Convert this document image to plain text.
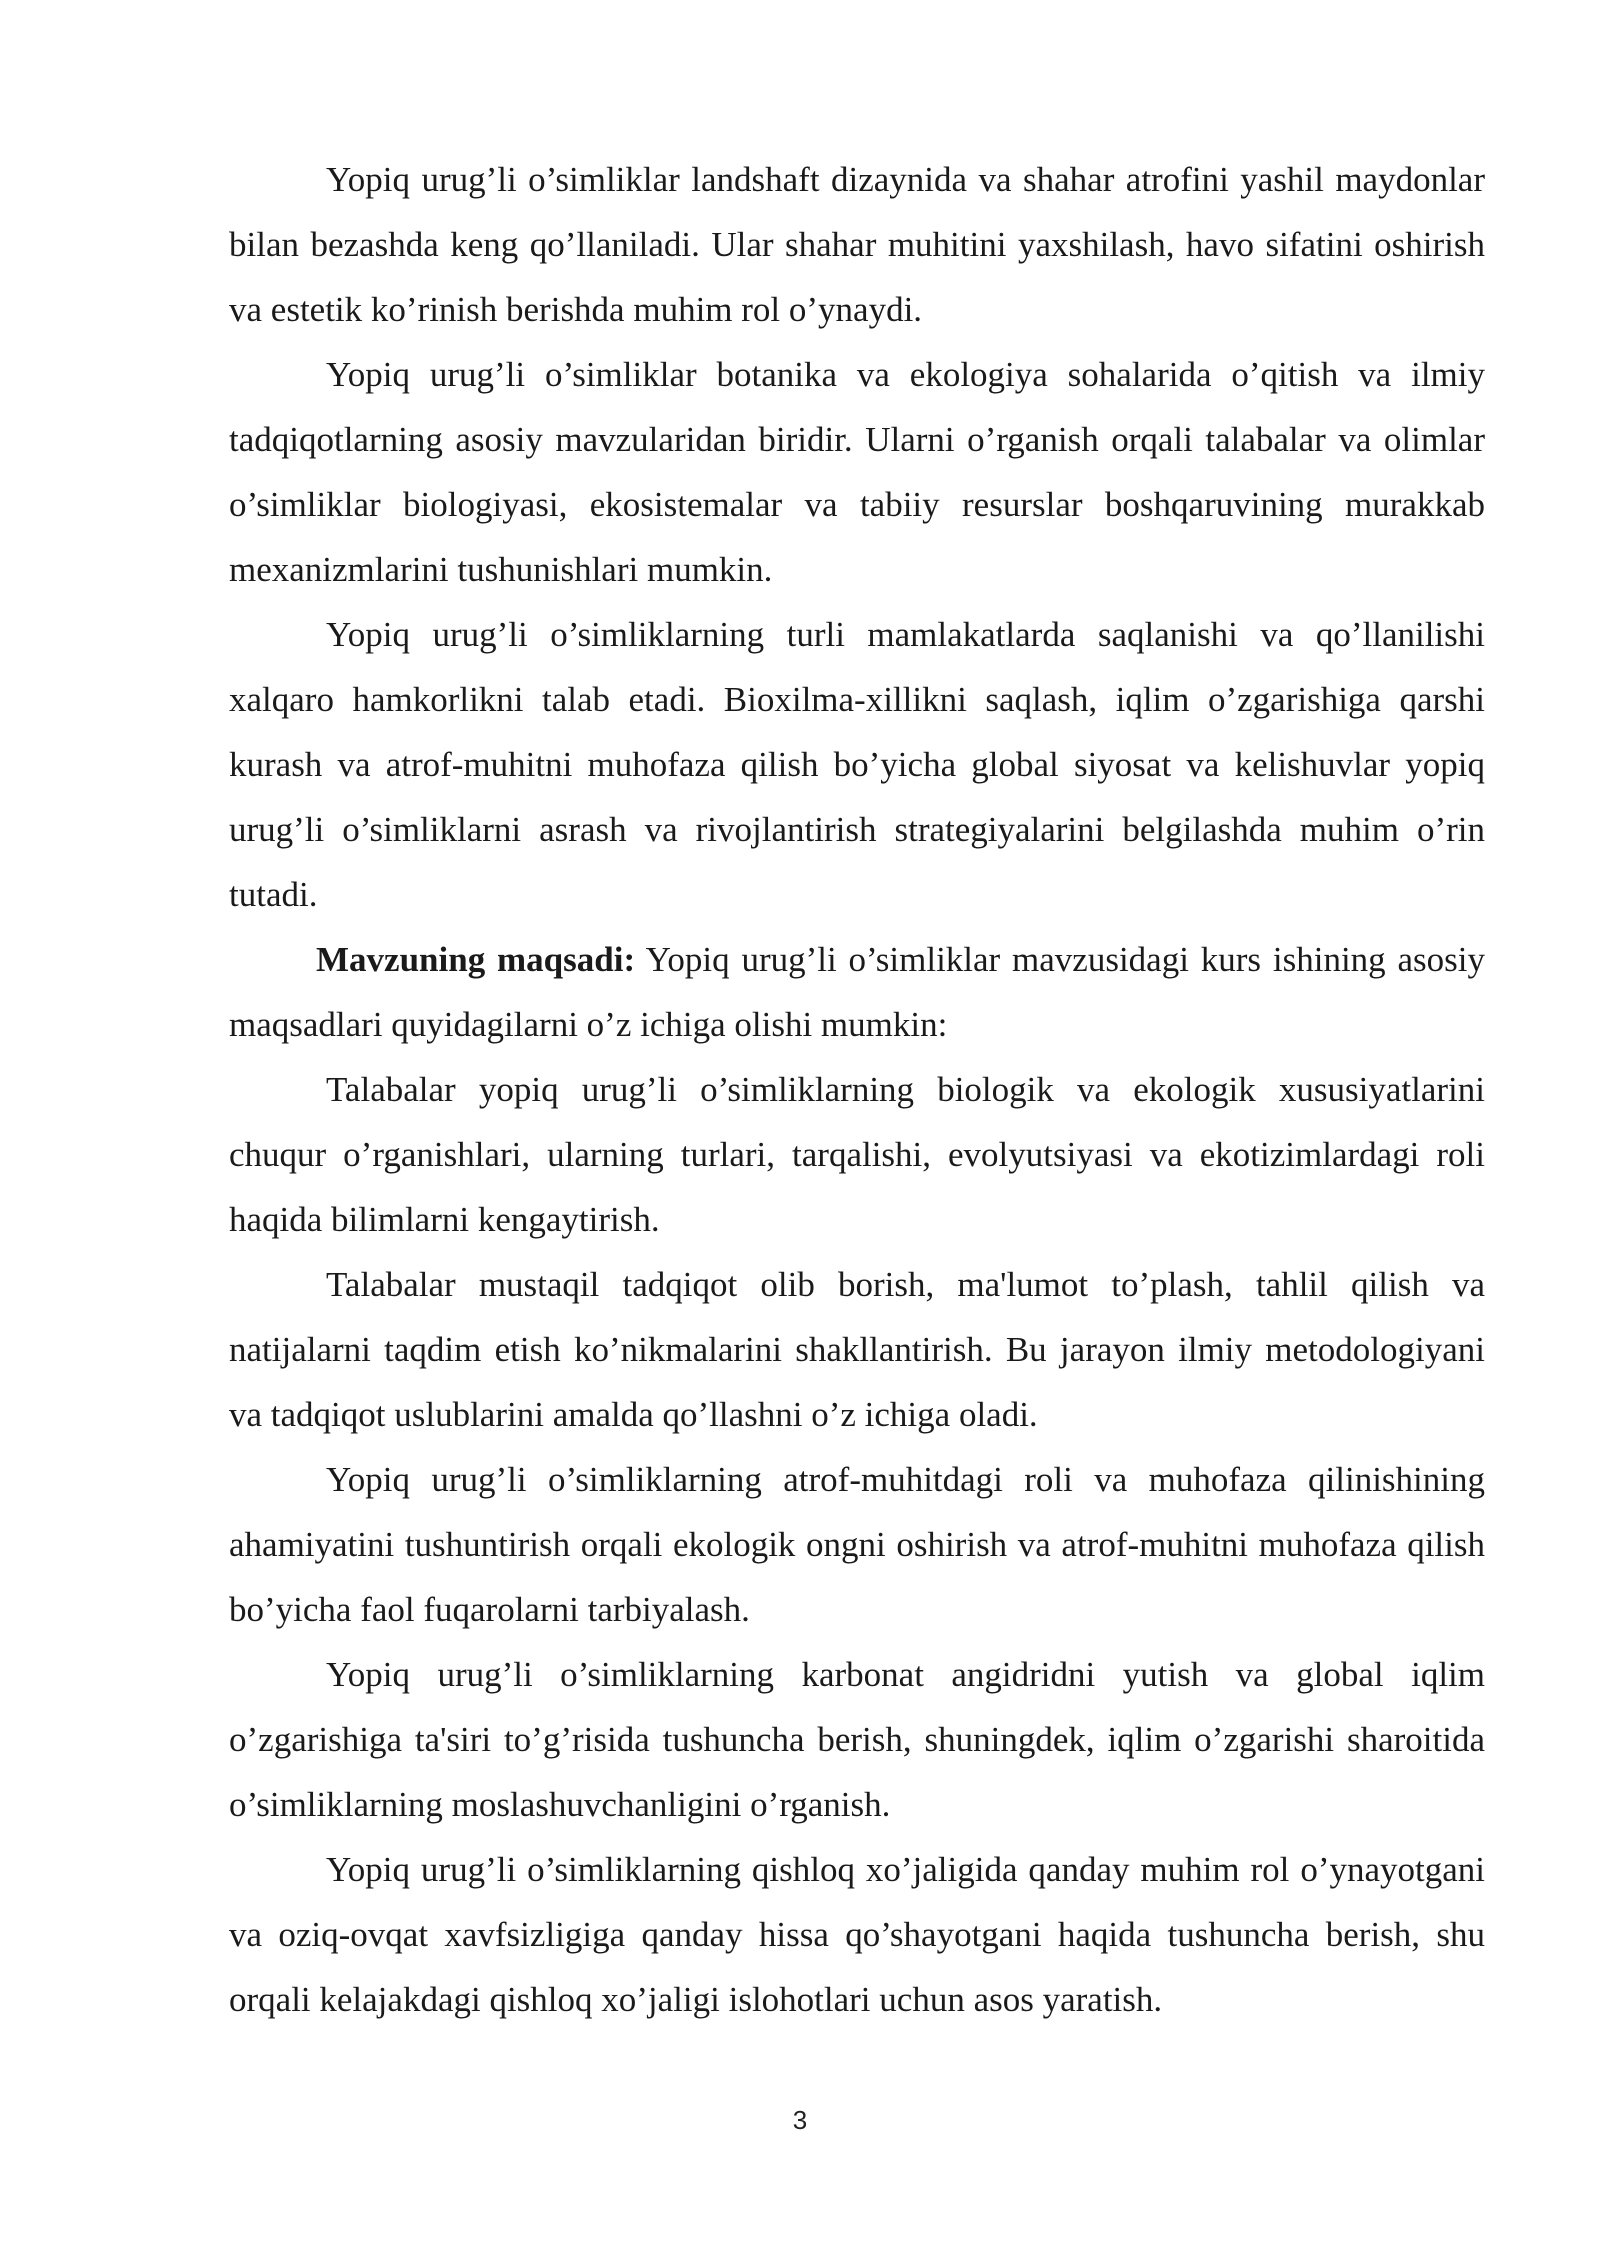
Yopiq urug’li o’simliklar landshaft dizaynida va shahar atrofini yashil maydonlar bilan bezashda keng qo’llaniladi. Ular shahar muhitini yaxshilash, havo sifatini oshirish va estetik ko’rinish berishda muhim rol o’ynaydi.

Yopiq urug’li o’simliklar botanika va ekologiya sohalarida o’qitish va ilmiy tadqiqotlarning asosiy mavzularidan biridir. Ularni o’rganish orqali talabalar va olimlar o’simliklar biologiyasi, ekosistemalar va tabiiy resurslar boshqaruvining murakkab mexanizmlarini tushunishlari mumkin.

Yopiq urug’li o’simliklarning turli mamlakatlarda saqlanishi va qo’llanilishi xalqaro hamkorlikni talab etadi. Bioxilma-xillikni saqlash, iqlim o’zgarishiga qarshi kurash va atrof-muhitni muhofaza qilish bo’yicha global siyosat va kelishuvlar yopiq urug’li o’simliklarni asrash va rivojlantirish strategiyalarini belgilashda muhim o’rin tutadi.

Mavzuning maqsadi: Yopiq urug’li o’simliklar mavzusidagi kurs ishining asosiy maqsadlari quyidagilarni o’z ichiga olishi mumkin:

Talabalar yopiq urug’li o’simliklarning biologik va ekologik xususiyatlarini chuqur o’rganishlari, ularning turlari, tarqalishi, evolyutsiyasi va ekotizimlardagi roli haqida bilimlarni kengaytirish.

Talabalar mustaqil tadqiqot olib borish, ma'lumot to’plash, tahlil qilish va natijalarni taqdim etish ko’nikmalarini shakllantirish. Bu jarayon ilmiy metodologiyani va tadqiqot uslublarini amalda qo’llashni o’z ichiga oladi.

Yopiq urug’li o’simliklarning atrof-muhitdagi roli va muhofaza qilinishining ahamiyatini tushuntirish orqali ekologik ongni oshirish va atrof-muhitni muhofaza qilish bo’yicha faol fuqarolarni tarbiyalash.

Yopiq urug’li o’simliklarning karbonat angidridni yutish va global iqlim o’zgarishiga ta'siri to’g’risida tushuncha berish, shuningdek, iqlim o’zgarishi sharoitida o’simliklarning moslashuvchanligini o’rganish.

Yopiq urug’li o’simliklarning qishloq xo’jaligida qanday muhim rol o’ynayotgani va oziq-ovqat xavfsizligiga qanday hissa qo’shayotgani haqida tushuncha berish, shu orqali kelajakdagi qishloq xo’jaligi islohotlari uchun asos yaratish.

3
